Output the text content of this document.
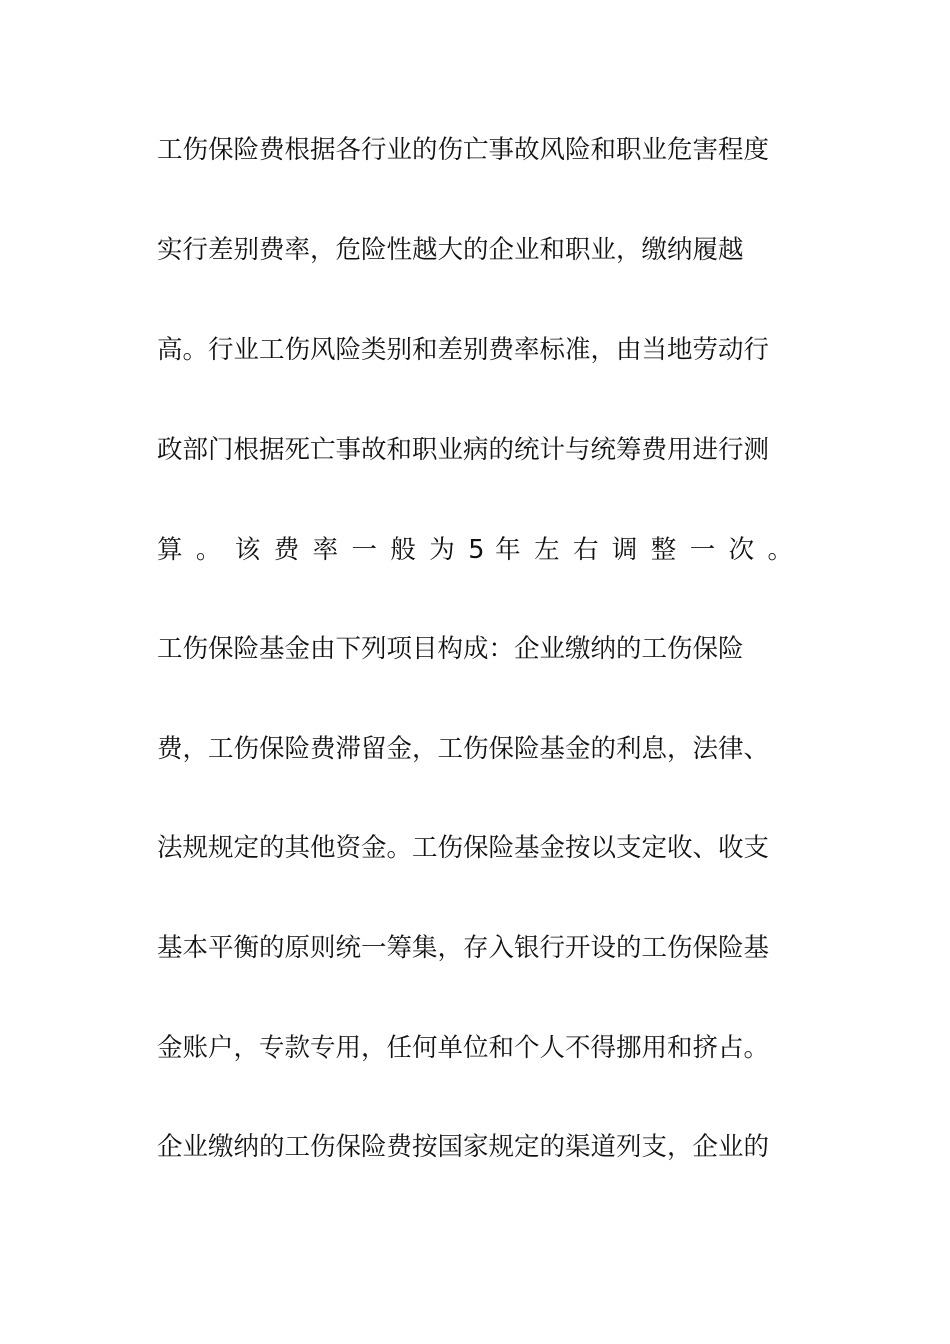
工伤保险费根据各行业的伤亡事故风险和职业危害程度
实行差别费率，危险性越大的企业和职业，缴纳履越
高。行业工伤风险类别和差别费率标准，由当地劳动行
政部门根据死亡事故和职业病的统计与统筹费用进行测
算 。 该 费 率 一 般 为 5 年 左 右 调 整 一 次 。
工伤保险基金由下列项目构成：企业缴纳的工伤保险
费，工伤保险费滞留金，工伤保险基金的利息，法律、
法规规定的其他资金。工伤保险基金按以支定收、收支
基本平衡的原则统一筹集，存入银行开设的工伤保险基
金账户，专款专用，任何单位和个人不得挪用和挤占。
企业缴纳的工伤保险费按国家规定的渠道列支，企业的
